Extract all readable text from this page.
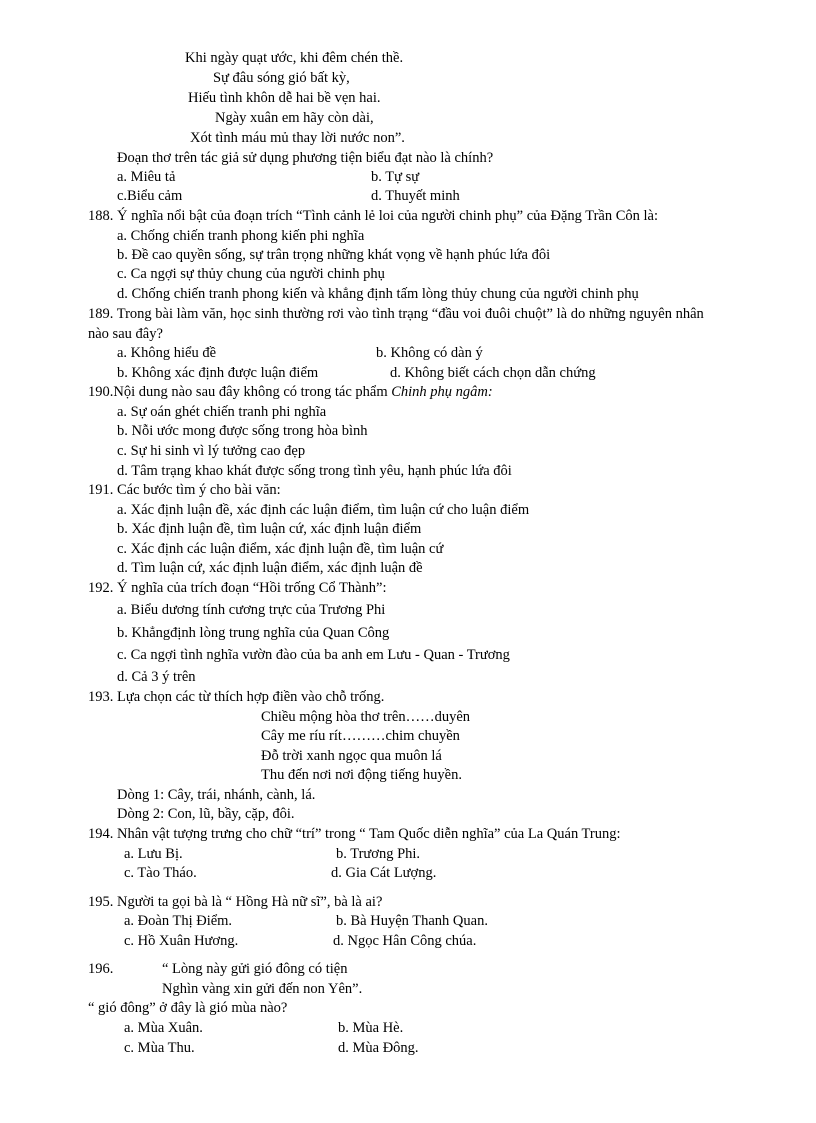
Khi ngày quạt ước, khi đêm chén thề.
Sự đâu sóng gió bất kỳ,
Hiếu tình khôn dễ hai bề vẹn hai.
Ngày xuân em hãy còn dài,
Xót tình máu mủ thay lời nước non”.
Đoạn thơ trên tác giả sử dụng phương tiện biểu đạt nào là chính?
a. Miêu tả	b. Tự sự
c.Biểu cảm	d. Thuyết minh
188. Ý nghĩa nổi bật của đoạn trích “Tình cảnh lẻ loi của người chinh phụ” của Đặng Trần Côn là:
a. Chống chiến tranh phong kiến phi nghĩa
b. Đề cao quyền sống, sự trân trọng những khát vọng về hạnh phúc lứa đôi
c. Ca ngợi sự thủy chung của người chinh phụ
d. Chống chiến tranh phong kiến và khẳng định tấm lòng thủy chung của người chinh phụ
189. Trong bài làm văn, học sinh thường rơi vào tình trạng “đầu voi đuôi chuột” là do những nguyên nhân
nào sau đây?
a. Không hiểu đề	b. Không có dàn ý
b. Không xác định được luận điểm	d. Không biết cách chọn dẫn chứng
190.Nội dung nào sau đây không có trong tác phẩm Chinh phụ ngâm:
a. Sự oán ghét chiến tranh phi nghĩa
b. Nỗi ước mong được sống trong hòa bình
c. Sự hi sinh vì lý tưởng cao đẹp
d. Tâm trạng khao khát được sống trong tình yêu, hạnh phúc lứa đôi
191. Các bước tìm ý cho bài văn:
a. Xác định luận đề, xác định các luận điểm, tìm luận cứ cho luận điểm
b. Xác định luận đề, tìm luận cứ, xác định luận điểm
c. Xác định các luận điểm, xác định luận đề, tìm luận cứ
d. Tìm luận cứ, xác định luận điểm, xác định luận đề
192. Ý nghĩa của trích đoạn “Hồi trống Cổ Thành”:
a. Biểu dương tính cương trực của Trương Phi
b. Khẳngđịnh lòng trung nghĩa của Quan Công
c. Ca ngợi tình nghĩa vườn đào của ba anh em Lưu - Quan - Trương
d. Cả 3 ý trên
193. Lựa chọn các từ thích hợp điền vào chỗ trống.
Chiều mộng hòa thơ trên……duyên
Cây me ríu rít………chim chuyền
Đỗ trời xanh ngọc qua muôn lá
Thu đến nơi nơi động tiếng huyền.
Dòng 1: Cây, trái, nhánh, cành, lá.
Dòng 2: Con, lũ, bầy, cặp, đôi.
194. Nhân vật tượng trưng cho chữ “trí” trong “ Tam Quốc diễn nghĩa” của La Quán Trung:
a. Lưu Bị.	b. Trương Phi.
c. Tào Tháo.	d. Gia Cát Lượng.
195. Người ta gọi bà là “ Hồng Hà nữ sĩ”, bà là ai?
a. Đoàn Thị Điểm.	b. Bà Huyện Thanh Quan.
c. Hồ Xuân Hương.	d. Ngọc Hân Công chúa.
196.	“ Lòng này gửi gió đông có tiện
Nghìn vàng xin gửi đến non Yên”.
“ gió đông” ở đây là gió mùa nào?
a. Mùa Xuân.	b. Mùa Hè.
c. Mùa Thu.	d. Mùa Đông.
